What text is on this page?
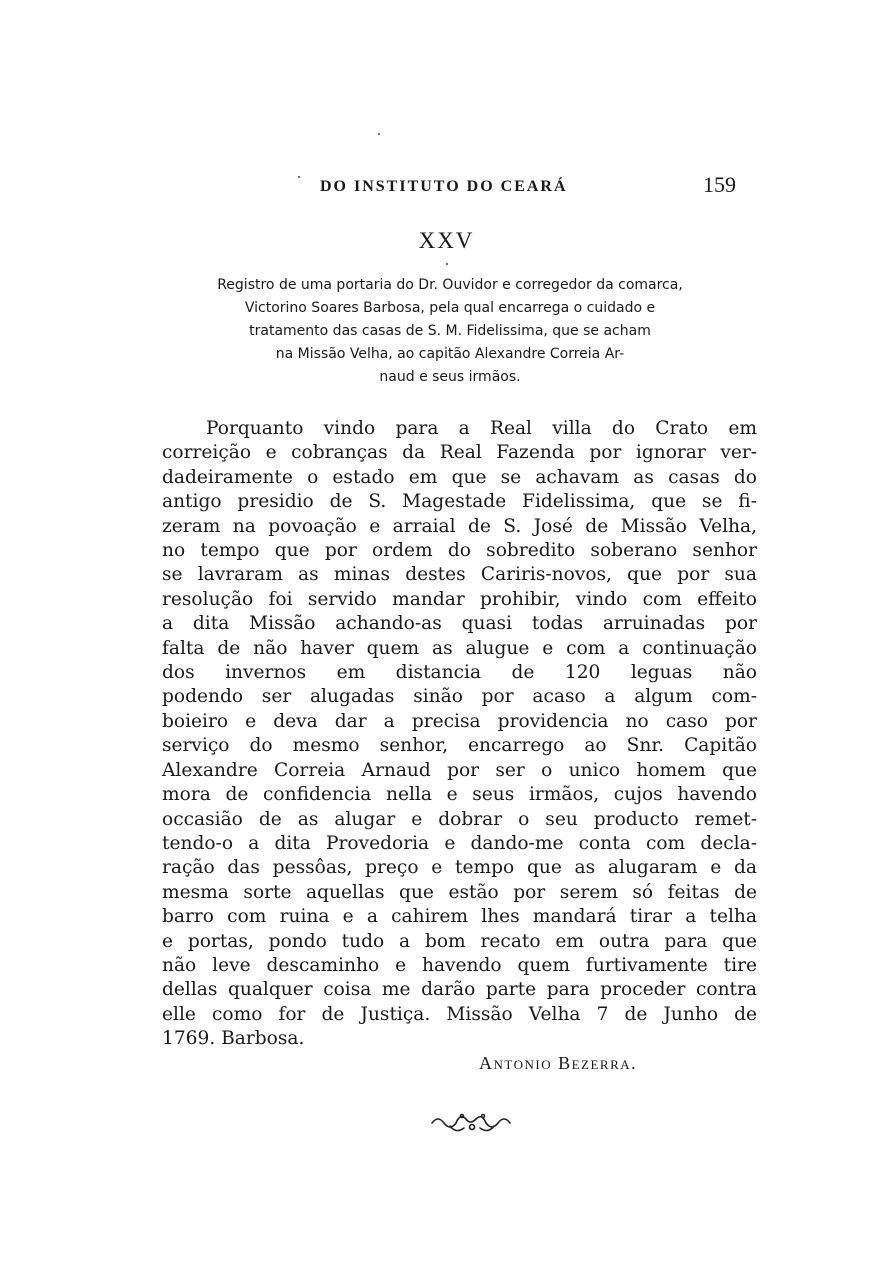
DO INSTITUTO DO CEARÁ	159
XXV
Registro de uma portaria do Dr. Ouvidor e corregedor da comarca,
Victorino Soares Barbosa, pela qual encarrega o cuidado e
tratamento das casas de S. M. Fidelissima, que se acham
na Missão Velha, ao capitão Alexandre Correia Ar-
naud e seus irmãos.
Porquanto vindo para a Real villa do Crato em
correição e cobranças da Real Fazenda por ignorar ver-
dadeiramente o estado em que se achavam as casas do
antigo presidio de S. Magestade Fidelissima, que se fi-
zeram na povoação e arraial de S. José de Missão Velha,
no tempo que por ordem do sobredito soberano senhor
se lavraram as minas destes Cariris-novos, que por sua
resolução foi servido mandar prohibir, vindo com effeito
a dita Missão achando-as quasi todas arruinadas por
falta de não haver quem as alugue e com a continuação
dos invernos em distancia de 120 leguas não
podendo ser alugadas sinão por acaso a algum com-
boieiro e deva dar a precisa providencia no caso por
serviço do mesmo senhor, encarrego ao Snr. Capitão
Alexandre Correia Arnaud por ser o unico homem que
mora de confidencia nella e seus irmãos, cujos havendo
occasião de as alugar e dobrar o seu producto remet-
tendo-o a dita Provedoria e dando-me conta com decla-
ração das pessôas, preço e tempo que as alugaram e da
mesma sorte aquellas que estão por serem só feitas de
barro com ruina e a cahirem lhes mandará tirar a telha
e portas, pondo tudo a bom recato em outra para que
não leve descaminho e havendo quem furtivamente tire
dellas qualquer coisa me darão parte para proceder contra
elle como for de Justiça. Missão Velha 7 de Junho de
1769. Barbosa.
Antonio Bezerra.
